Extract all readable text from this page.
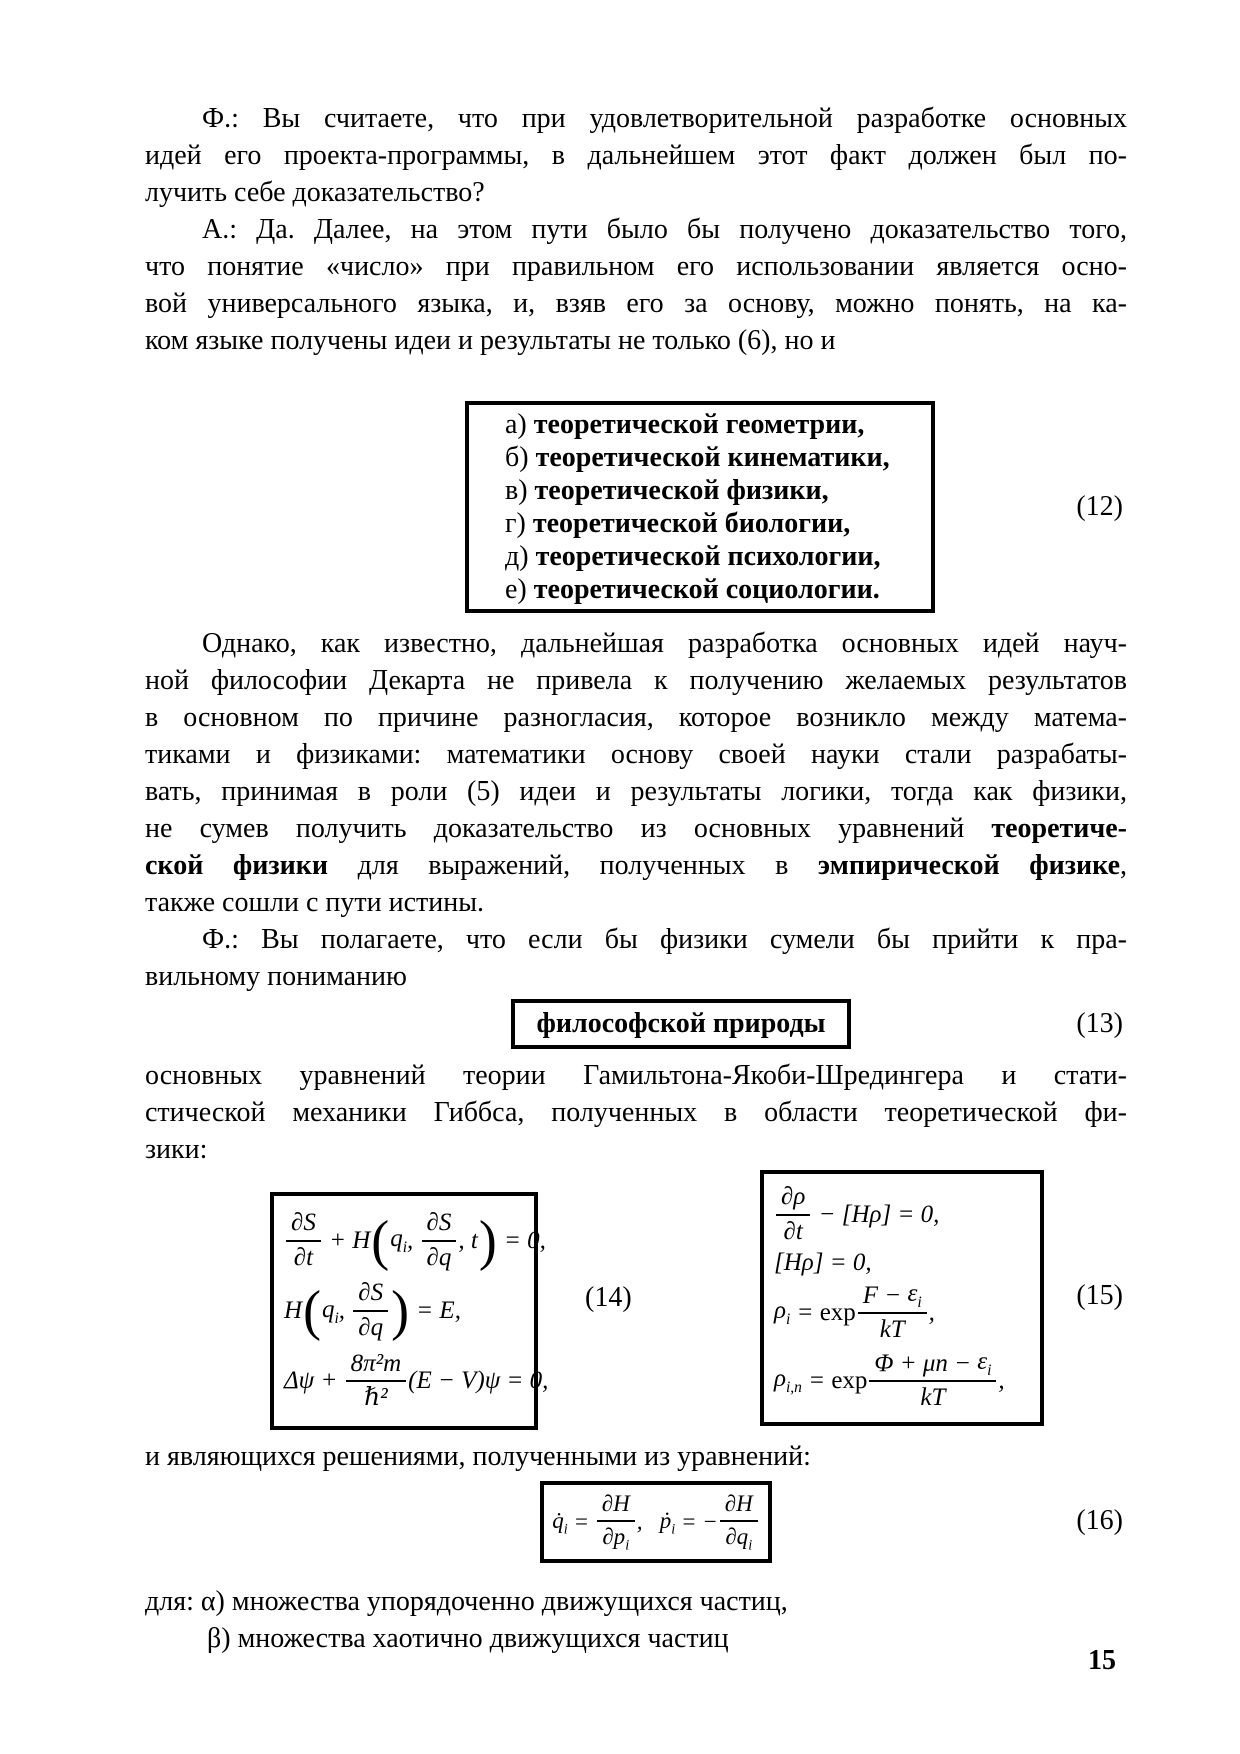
Ф.: Вы считаете, что при удовлетворительной разработке основных
идей его проекта-программы, в дальнейшем этот факт должен был по-
лучить себе доказательство?
А.: Да. Далее, на этом пути было бы получено доказательство того,
что понятие «число» при правильном его использовании является осно-
вой универсального языка, и, взяв его за основу, можно понять, на ка-
ком языке получены идеи и результаты не только (6), но и
а) теоретической геометрии,
б) теоретической кинематики,
в) теоретической физики,
г) теоретической биологии,
д) теоретической психологии,
е) теоретической социологии.
(12)
Однако, как известно, дальнейшая разработка основных идей науч-
ной философии Декарта не привела к получению желаемых результатов
в основном по причине разногласия, которое возникло между матема-
тиками и физиками: математики основу своей науки стали разрабаты-
вать, принимая в роли (5) идеи и результаты логики, тогда как физики,
не сумев получить доказательство из основных уравнений теоретиче-
ской физики для выражений, полученных в эмпирической физике,
также сошли с пути истины.
Ф.: Вы полагаете, что если бы физики сумели бы прийти к пра-
вильному пониманию
философской природы	(13)
основных уравнений теории Гамильтона-Якоби-Шредингера и стати-
стической механики Гиббса, полученных в области теоретической фи-
зики:
$\frac{\partial S}{\partial t} + H$ ( $q_i$ , $\frac{\partial S}{\partial q}$ , t ) = 0,
H ( $q_i$ , $\frac{\partial S}{\partial q}$ ) = E,
$\Delta\psi + \frac{\text{8π²m}}{\text{ℏ²}} (E - V)\psi = 0$,
(14)
$\frac{\partial\rho}{\partial t} - [H\rho] = 0$,
[Hρ] = 0,
$\rho_i = \exp \frac{F - \varepsilon_i}{kT}$ ,
$\rho_{i,n} = \exp \frac{\Phi + \mu n - \varepsilon_i}{kT}$ ,
(15)
и являющихся решениями, полученными из уравнений:
$q̇_i = \frac{\partial H}{\partial p_i}$ , ṗ$_i$ = − $\frac{\partial H}{\partial q_i}$	(16)
для: α) множества упорядоченно движущихся частиц,
β) множества хаотично движущихся частиц
15
